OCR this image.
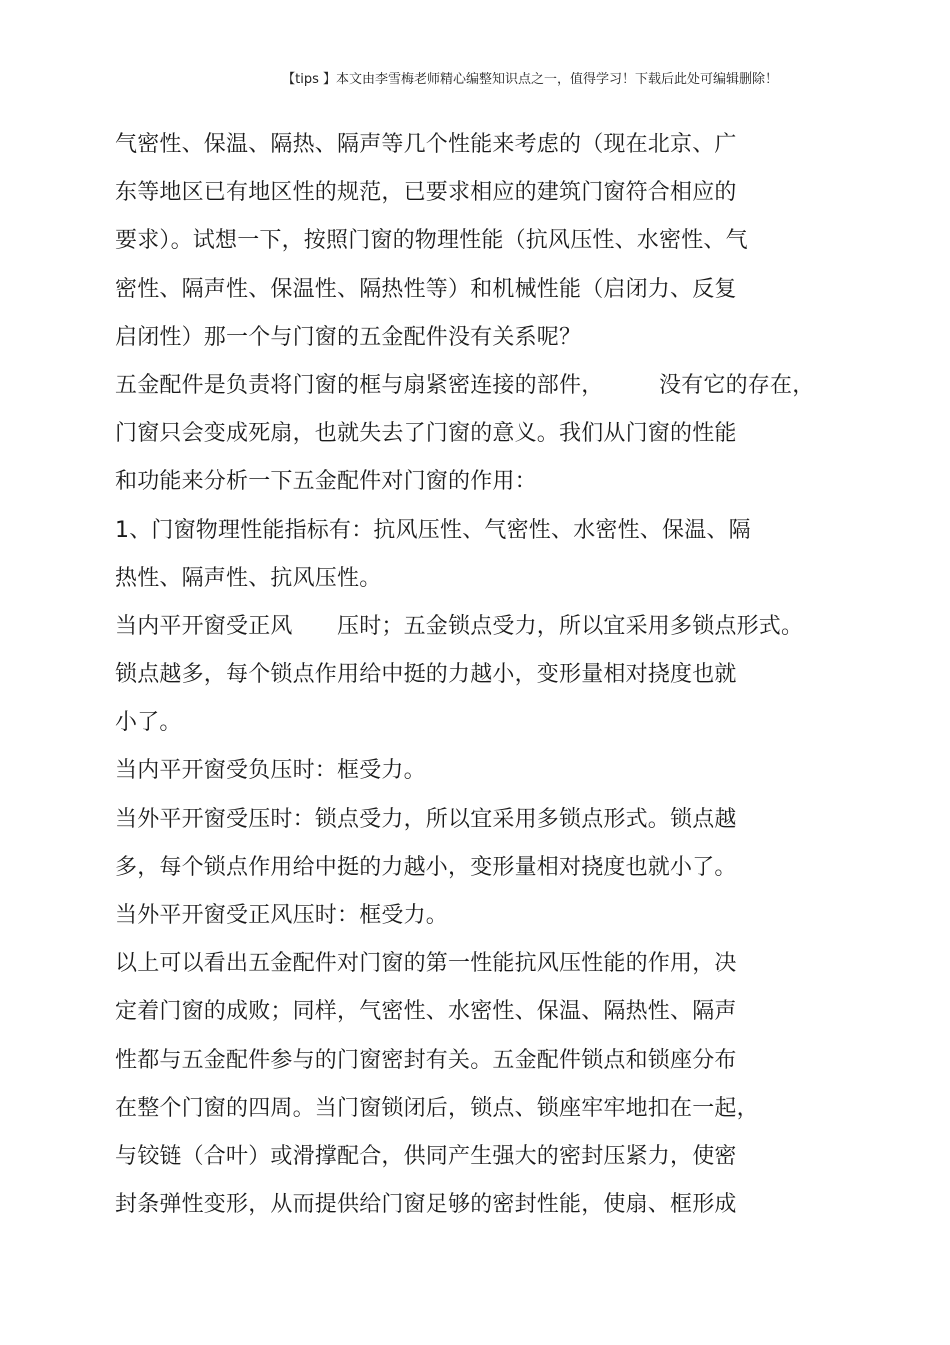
【tips 】本文由李雪梅老师精心编整知识点之一，值得学习！下载后此处可编辑删除！
气密性、保温、隔热、隔声等几个性能来考虑的（现在北京、广
东等地区已有地区性的规范，已要求相应的建筑门窗符合相应的
要求）。试想一下，按照门窗的物理性能（抗风压性、水密性、气
密性、隔声性、保温性、隔热性等）和机械性能（启闭力、反复
启闭性）那一个与门窗的五金配件没有关系呢？
五金配件是负责将门窗的框与扇紧密连接的部件，　　　没有它的存在，
门窗只会变成死扇，也就失去了门窗的意义。我们从门窗的性能
和功能来分析一下五金配件对门窗的作用：
1、门窗物理性能指标有：抗风压性、气密性、水密性、保温、隔
热性、隔声性、抗风压性。
当内平开窗受正风　　压时；五金锁点受力，所以宜采用多锁点形式。
锁点越多，每个锁点作用给中挺的力越小，变形量相对挠度也就
小了。
当内平开窗受负压时：框受力。
当外平开窗受压时：锁点受力，所以宜采用多锁点形式。锁点越
多，每个锁点作用给中挺的力越小，变形量相对挠度也就小了。
当外平开窗受正风压时：框受力。
以上可以看出五金配件对门窗的第一性能抗风压性能的作用，决
定着门窗的成败；同样，气密性、水密性、保温、隔热性、隔声
性都与五金配件参与的门窗密封有关。五金配件锁点和锁座分布
在整个门窗的四周。当门窗锁闭后，锁点、锁座牢牢地扣在一起，
与铰链（合叶）或滑撑配合，供同产生强大的密封压紧力，使密
封条弹性变形，从而提供给门窗足够的密封性能，使扇、框形成
